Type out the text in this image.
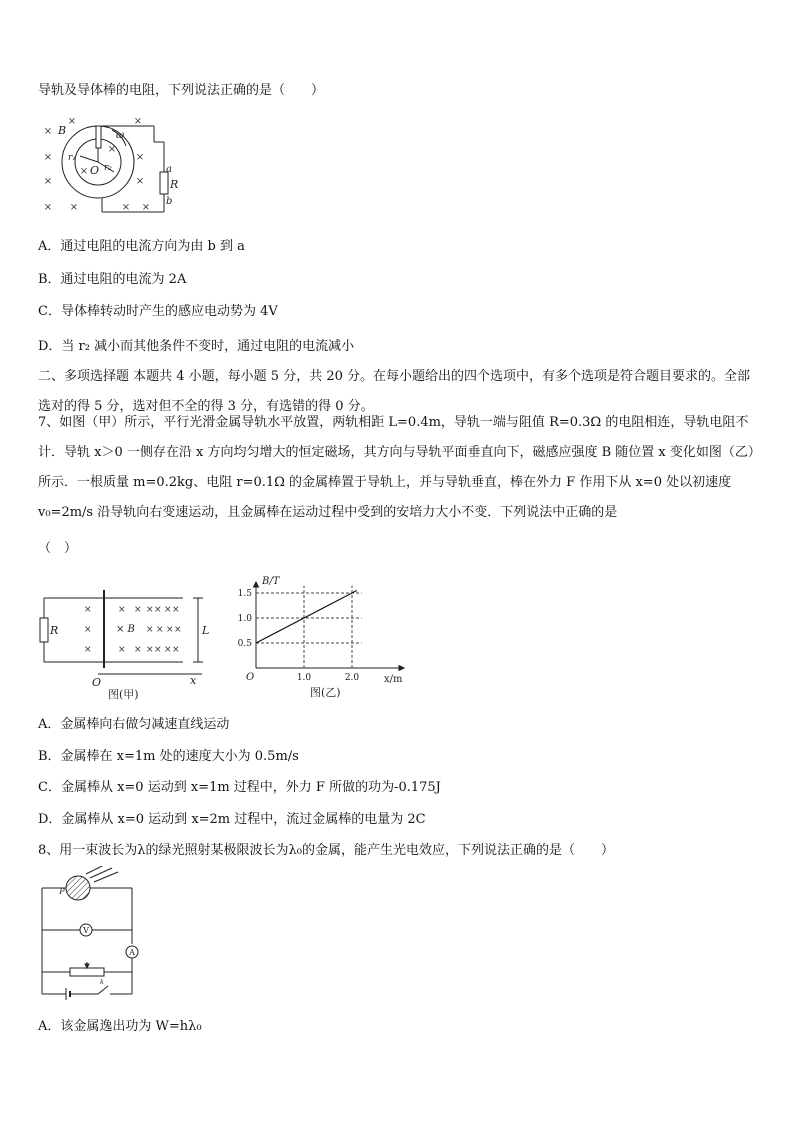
导轨及导体棒的电阻，下列说法正确的是（　　）
×
×	×
×
×
× ×	× ×
×
×
×
×
B
r₁
r₂
ω
O	a
R
b
A．通过电阻的电流方向为由 b 到 a
B．通过电阻的电流为 2A
C．导体棒转动时产生的感应电动势为 4V
D．当 r₂ 减小而其他条件不变时，通过电阻的电流减小
二、多项选择题 本题共 4 小题，每小题 5 分，共 20 分。在每小题给出的四个选项中，有多个选项是符合题目要求的。全部选对的得 5 分，选对但不全的得 3 分，有选错的得 0 分。
7、如图（甲）所示，平行光滑金属导轨水平放置，两轨相距 L=0.4m，导轨一端与阻值 R=0.3Ω 的电阻相连，导轨电阻不计．导轨 x＞0 一侧存在沿 x 方向均匀增大的恒定磁场，其方向与导轨平面垂直向下，磁感应强度 B 随位置 x 变化如图（乙）所示．一根质量 m=0.2kg、电阻 r=0.1Ω 的金属棒置于导轨上，并与导轨垂直，棒在外力 F 作用下从 x=0 处以初速度 v₀=2m/s 沿导轨向右变速运动，且金属棒在运动过程中受到的安培力大小不变．下列说法中正确的是
（　）
×
×
×
× × × × × ×
× × × × × ×
× × × ×
R	× B	L
O	x
图(甲)
B/T
x/m
O
1.5
1.0
0.5
1.0	2.0
图(乙)
A．金属棒向右做匀减速直线运动
B．金属棒在 x=1m 处的速度大小为 0.5m/s
C．金属棒从 x=0 运动到 x=1m 过程中，外力 F 所做的功为-0.175J
D．金属棒从 x=0 运动到 x=2m 过程中，流过金属棒的电量为 2C
8、用一束波长为λ的绿光照射某极限波长为λ₀的金属，能产生光电效应，下列说法正确的是（　　）
P
V
A
k
A．该金属逸出功为 W=hλ₀
